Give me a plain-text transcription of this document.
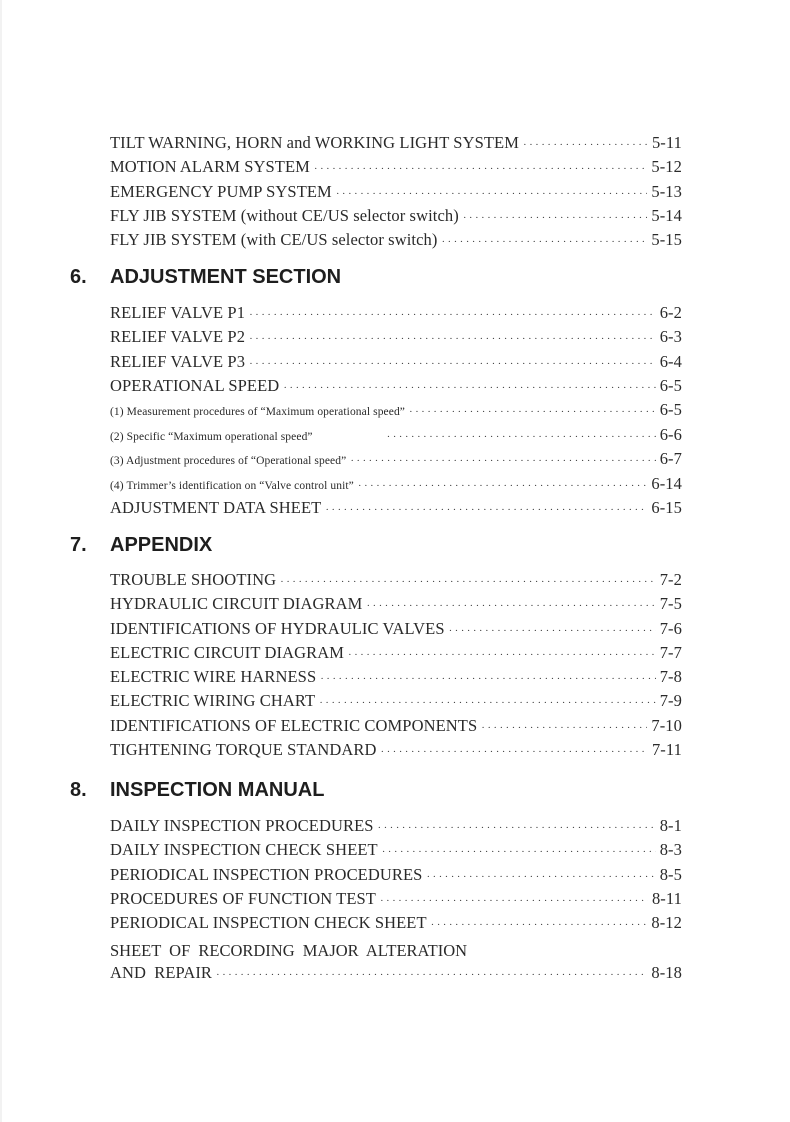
TILT WARNING, HORN and WORKING LIGHT SYSTEM ·····	5-11
MOTION ALARM SYSTEM ·····	5-12
EMERGENCY PUMP SYSTEM ·····	5-13
FLY JIB SYSTEM (without CE/US selector switch) ·····	5-14
FLY JIB SYSTEM (with CE/US selector switch) ·····	5-15
6. ADJUSTMENT SECTION
RELIEF VALVE P1 ·····	6-2
RELIEF VALVE P2 ·····	6-3
RELIEF VALVE P3 ·····	6-4
OPERATIONAL SPEED ·····	6-5
(1) Measurement procedures of “Maximum operational speed” ·····	6-5
(2) Specific “Maximum operational speed” ·····	6-6
(3) Adjustment procedures of “Operational speed” ·····	6-7
(4) Trimmer’s identification on “Valve control unit” ·····	6-14
ADJUSTMENT DATA SHEET ·····	6-15
7. APPENDIX
TROUBLE SHOOTING ·····	7-2
HYDRAULIC CIRCUIT DIAGRAM ·····	7-5
IDENTIFICATIONS OF HYDRAULIC VALVES ·····	7-6
ELECTRIC CIRCUIT DIAGRAM ·····	7-7
ELECTRIC WIRE HARNESS ·····	7-8
ELECTRIC WIRING CHART ·····	7-9
IDENTIFICATIONS OF ELECTRIC COMPONENTS ·····	7-10
TIGHTENING TORQUE STANDARD ·····	7-11
8. INSPECTION MANUAL
DAILY INSPECTION PROCEDURES ·····	8-1
DAILY INSPECTION CHECK SHEET ·····	8-3
PERIODICAL INSPECTION PROCEDURES ·····	8-5
PROCEDURES OF FUNCTION TEST ·····	8-11
PERIODICAL INSPECTION CHECK SHEET ·····	8-12
SHEET OF RECORDING MAJOR ALTERATION
AND REPAIR ·····	8-18
